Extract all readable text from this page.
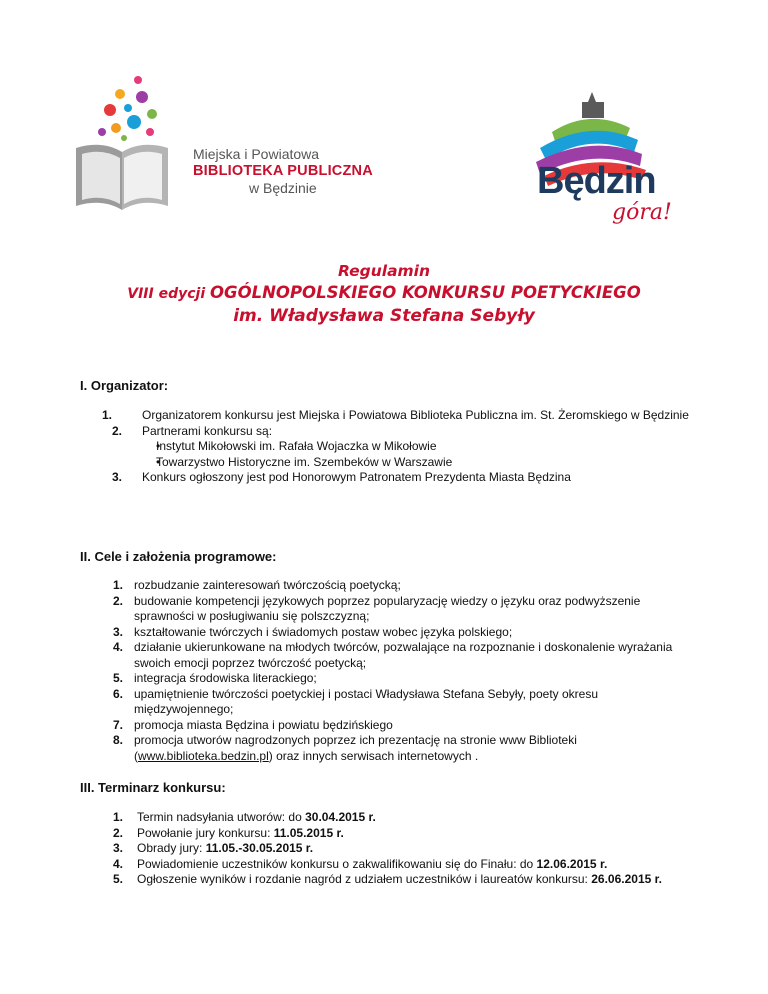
Miejska i Powiatowa
BIBLIOTEKA PUBLICZNA
w Będzinie	Będzin
góra!
Regulamin
VIII edycji OGÓLNOPOLSKIEGO KONKURSU POETYCKIEGO
im. Władysława Stefana Sebyły
I. Organizator:
1.	Organizatorem konkursu jest Miejska i Powiatowa Biblioteka Publiczna im. St. Żeromskiego w Będzinie
2. Partnerami konkursu są:
• Instytut Mikołowski im. Rafała Wojaczka w Mikołowie
• Towarzystwo Historyczne im. Szembeków w Warszawie
3. Konkurs ogłoszony jest pod Honorowym Patronatem Prezydenta Miasta Będzina
II. Cele i założenia programowe:
1. rozbudzanie zainteresowań twórczością poetycką;
2. budowanie kompetencji językowych poprzez popularyzację wiedzy o języku oraz podwyższenie sprawności w posługiwaniu się polszczyzną;
3. kształtowanie twórczych i świadomych postaw wobec języka polskiego;
4. działanie ukierunkowane na młodych twórców, pozwalające na rozpoznanie i doskonalenie wyrażania swoich emocji poprzez twórczość poetycką;
5. integracja środowiska literackiego;
6. upamiętnienie twórczości poetyckiej i postaci Władysława Stefana Sebyły, poety okresu międzywojennego;
7. promocja miasta Będzina i powiatu będzińskiego
8. promocja utworów nagrodzonych poprzez ich prezentację na stronie www Biblioteki
(www.biblioteka.bedzin.pl) oraz innych serwisach internetowych .
III. Terminarz konkursu:
1. Termin nadsyłania utworów: do 30.04.2015 r.
2. Powołanie jury konkursu: 11.05.2015 r.
3. Obrady jury: 11.05.-30.05.2015 r.
4. Powiadomienie uczestników konkursu o zakwalifikowaniu się do Finału: do 12.06.2015 r.
5. Ogłoszenie wyników i rozdanie nagród z udziałem uczestników i laureatów konkursu: 26.06.2015 r.
